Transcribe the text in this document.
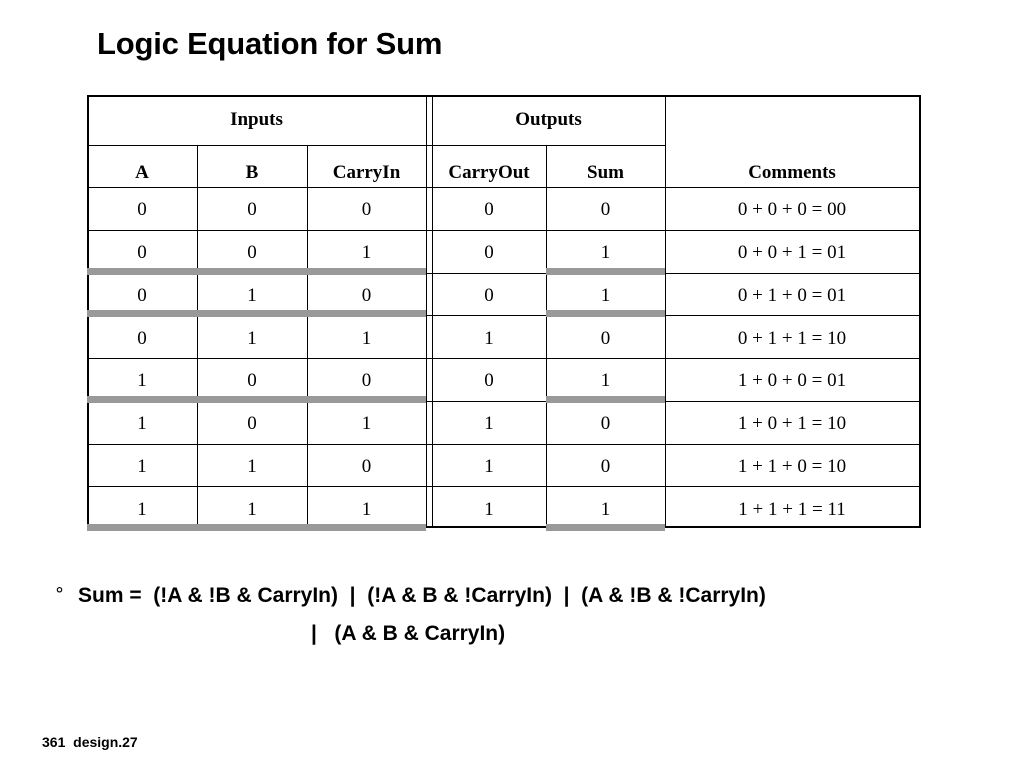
Logic Equation for Sum
Inputs	Outputs
A	B	CarryIn	CarryOut	Sum	Comments
0	0	0	0	0	0 + 0 + 0 = 00
0	0	1	0	1	0 + 0 + 1 = 01
0	1	0	0	1	0 + 1 + 0 = 01
0	1	1	1	0	0 + 1 + 1 = 10
1	0	0	0	1	1 + 0 + 0 = 01
1	0	1	1	0	1 + 0 + 1 = 10
1	1	0	1	0	1 + 1 + 0 = 10
1	1	1	1	1	1 + 1 + 1 = 11
° Sum =  (!A & !B & CarryIn)  |  (!A & B & !CarryIn)  |  (A & !B & !CarryIn)
|   (A & B & CarryIn)
361  design.27
